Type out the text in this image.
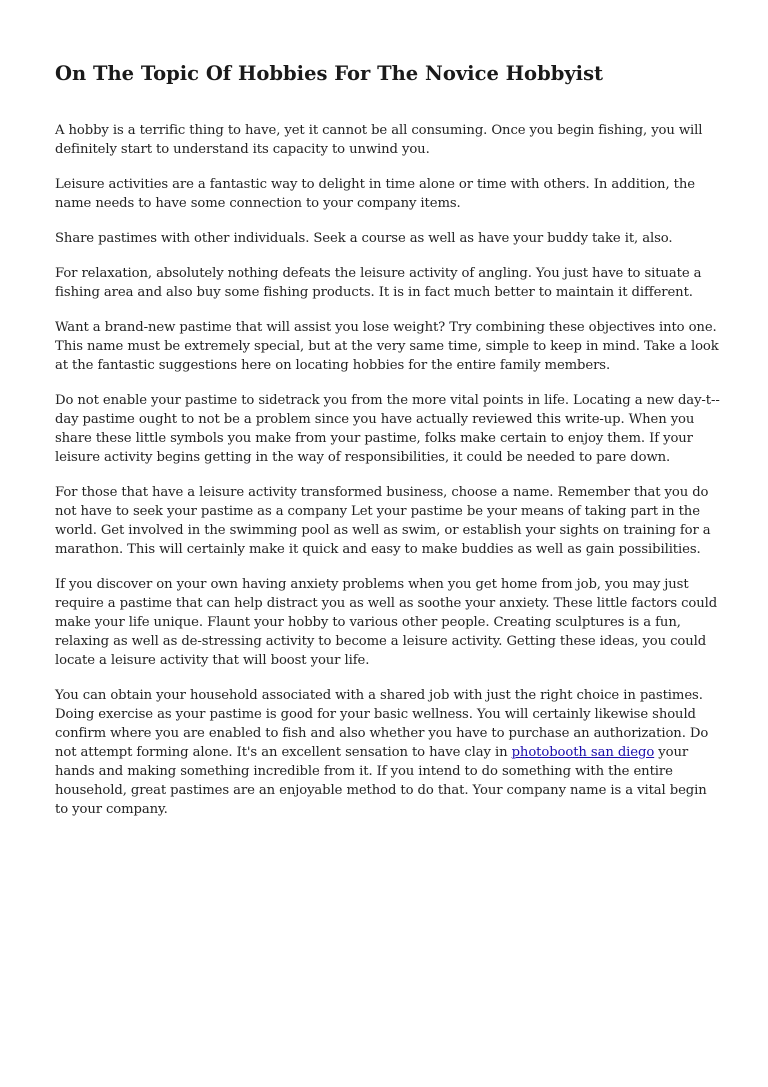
On The Topic Of Hobbies For The Novice Hobbyist

A hobby is a terrific thing to have, yet it cannot be all consuming. Once you begin fishing, you will definitely start to understand its capacity to unwind you.

Leisure activities are a fantastic way to delight in time alone or time with others. In addition, the name needs to have some connection to your company items.

Share pastimes with other individuals. Seek a course as well as have your buddy take it, also.

For relaxation, absolutely nothing defeats the leisure activity of angling. You just have to situate a fishing area and also buy some fishing products. It is in fact much better to maintain it different.

Want a brand-new pastime that will assist you lose weight? Try combining these objectives into one. This name must be extremely special, but at the very same time, simple to keep in mind. Take a look at the fantastic suggestions here on locating hobbies for the entire family members.

Do not enable your pastime to sidetrack you from the more vital points in life. Locating a new day-t--day pastime ought to not be a problem since you have actually reviewed this write-up. When you share these little symbols you make from your pastime, folks make certain to enjoy them. If your leisure activity begins getting in the way of responsibilities, it could be needed to pare down.

For those that have a leisure activity transformed business, choose a name. Remember that you do not have to seek your pastime as a company Let your pastime be your means of taking part in the world. Get involved in the swimming pool as well as swim, or establish your sights on training for a marathon. This will certainly make it quick and easy to make buddies as well as gain possibilities.

If you discover on your own having anxiety problems when you get home from job, you may just require a pastime that can help distract you as well as soothe your anxiety. These little factors could make your life unique. Flaunt your hobby to various other people. Creating sculptures is a fun, relaxing as well as de-stressing activity to become a leisure activity. Getting these ideas, you could locate a leisure activity that will boost your life.

You can obtain your household associated with a shared job with just the right choice in pastimes. Doing exercise as your pastime is good for your basic wellness. You will certainly likewise should confirm where you are enabled to fish and also whether you have to purchase an authorization. Do not attempt forming alone. It's an excellent sensation to have clay in photobooth san diego your hands and making something incredible from it. If you intend to do something with the entire household, great pastimes are an enjoyable method to do that. Your company name is a vital begin to your company.
